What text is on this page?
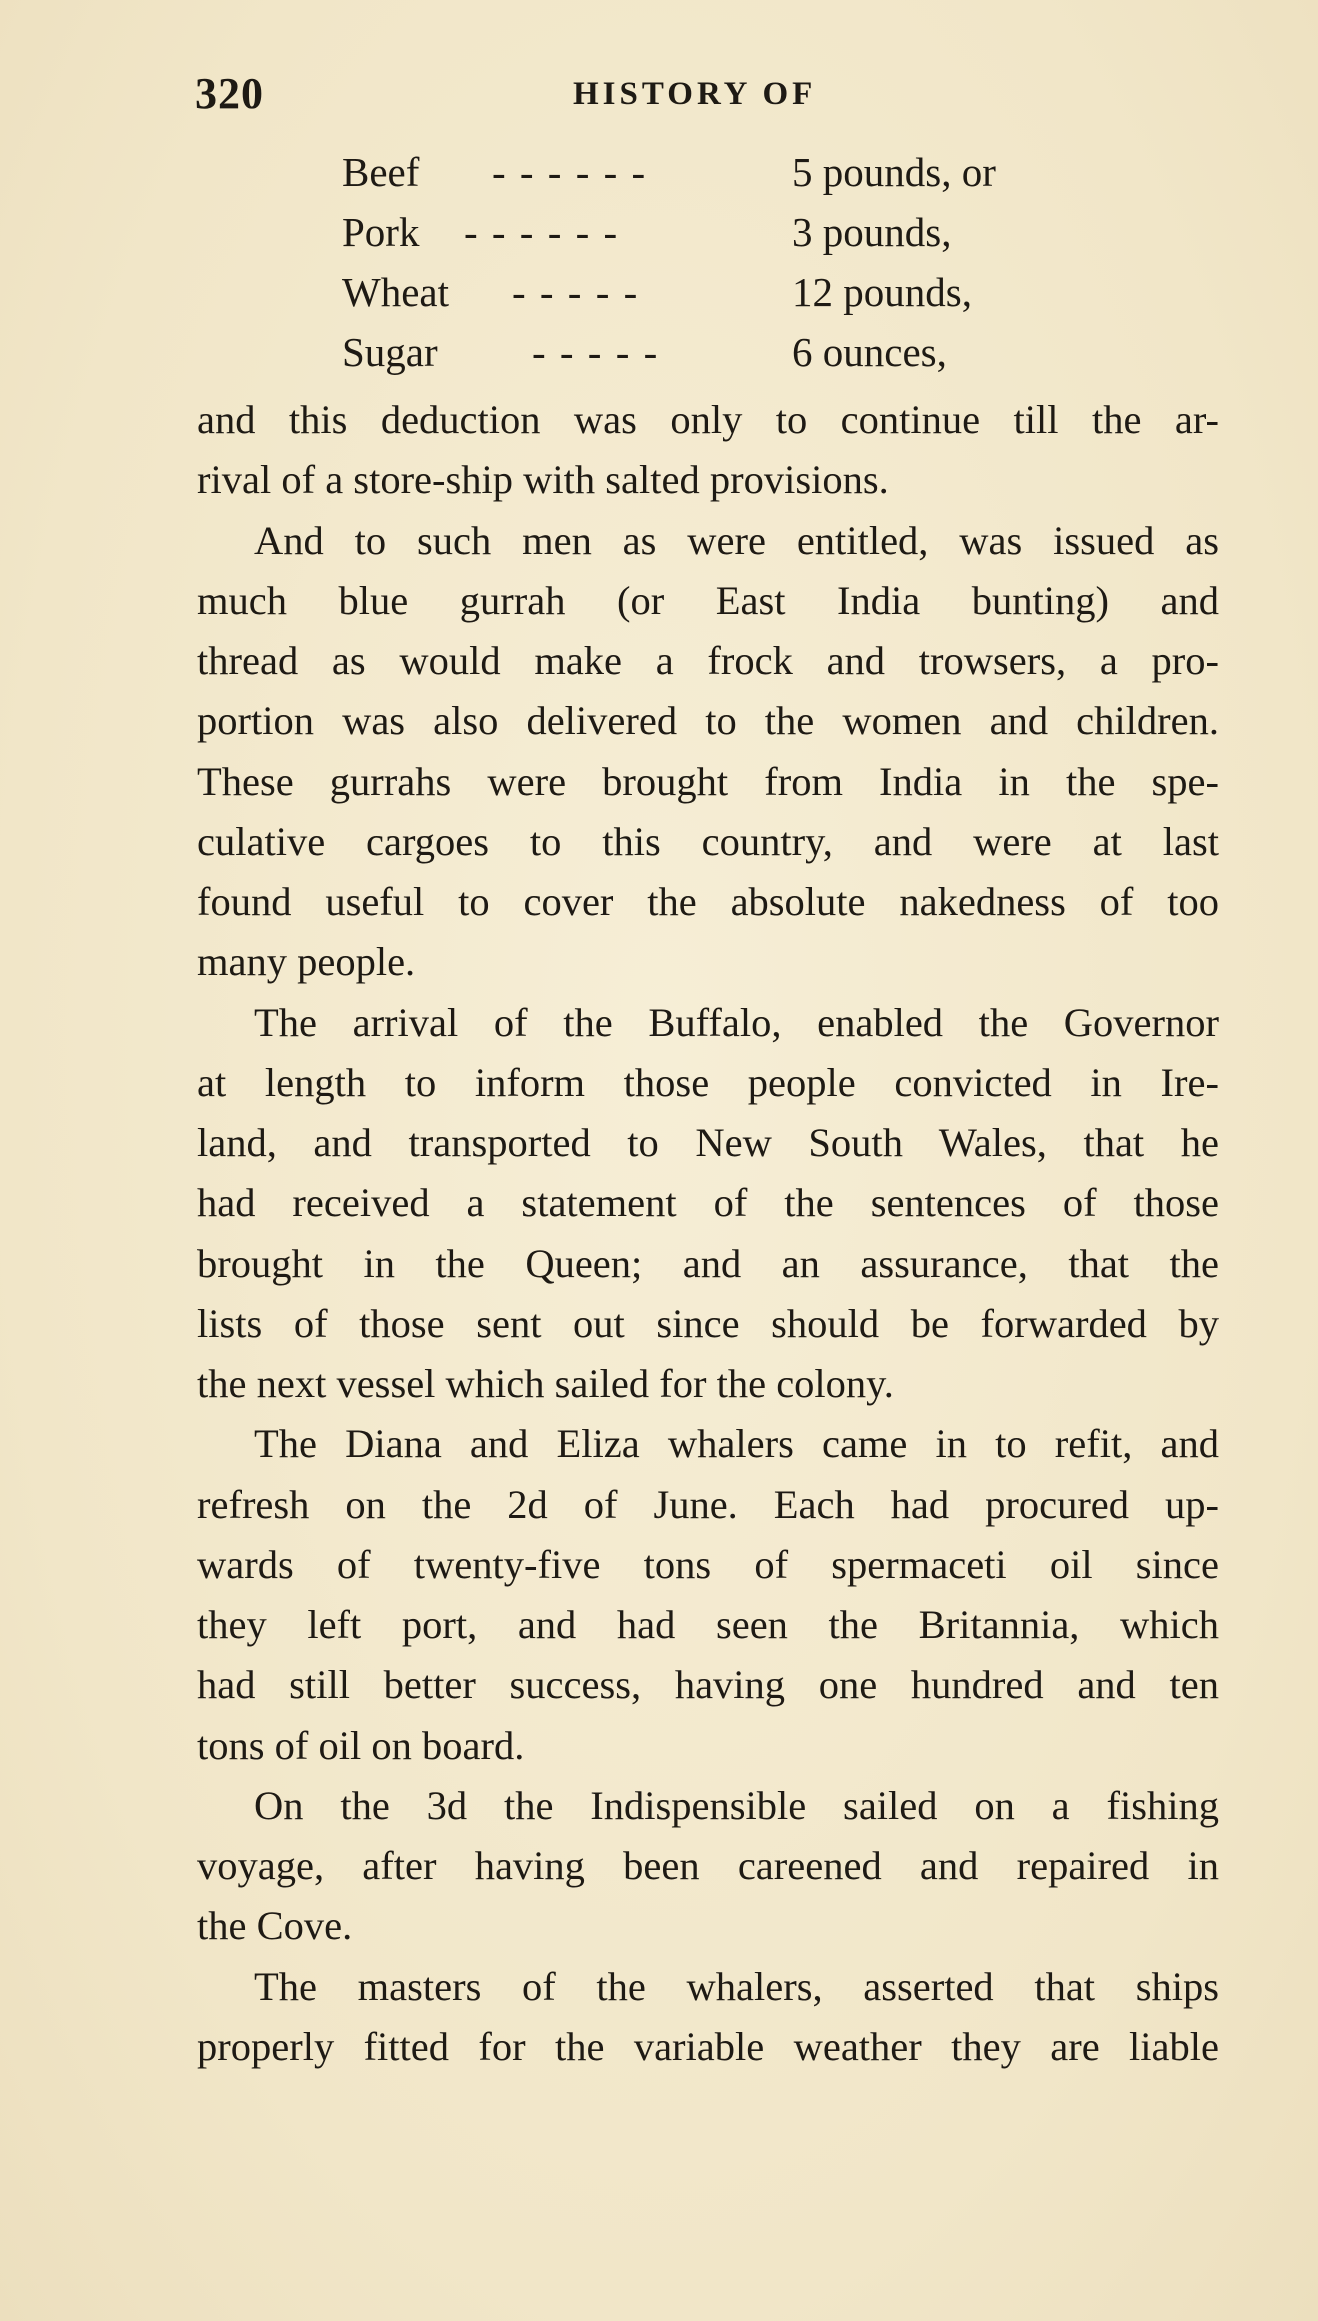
320	HISTORY OF
Beef - - - - - -	5 pounds, or
Pork - - - - - -	3 pounds,
Wheat - - - - -	12 pounds,
Sugar - - - - -	6 ounces,
and this deduction was only to continue till the ar-
rival of a store-ship with salted provisions.
And to such men as were entitled, was issued as
much blue gurrah (or East India bunting) and
thread as would make a frock and trowsers, a pro-
portion was also delivered to the women and children.
These gurrahs were brought from India in the spe-
culative cargoes to this country, and were at last
found useful to cover the absolute nakedness of too
many people.
The arrival of the Buffalo, enabled the Governor
at length to inform those people convicted in Ire-
land, and transported to New South Wales, that he
had received a statement of the sentences of those
brought in the Queen; and an assurance, that the
lists of those sent out since should be forwarded by
the next vessel which sailed for the colony.
The Diana and Eliza whalers came in to refit, and
refresh on the 2d of June. Each had procured up-
wards of twenty-five tons of spermaceti oil since
they left port, and had seen the Britannia, which
had still better success, having one hundred and ten
tons of oil on board.
On the 3d the Indispensible sailed on a fishing
voyage, after having been careened and repaired in
the Cove.
The masters of the whalers, asserted that ships
properly fitted for the variable weather they are liable
